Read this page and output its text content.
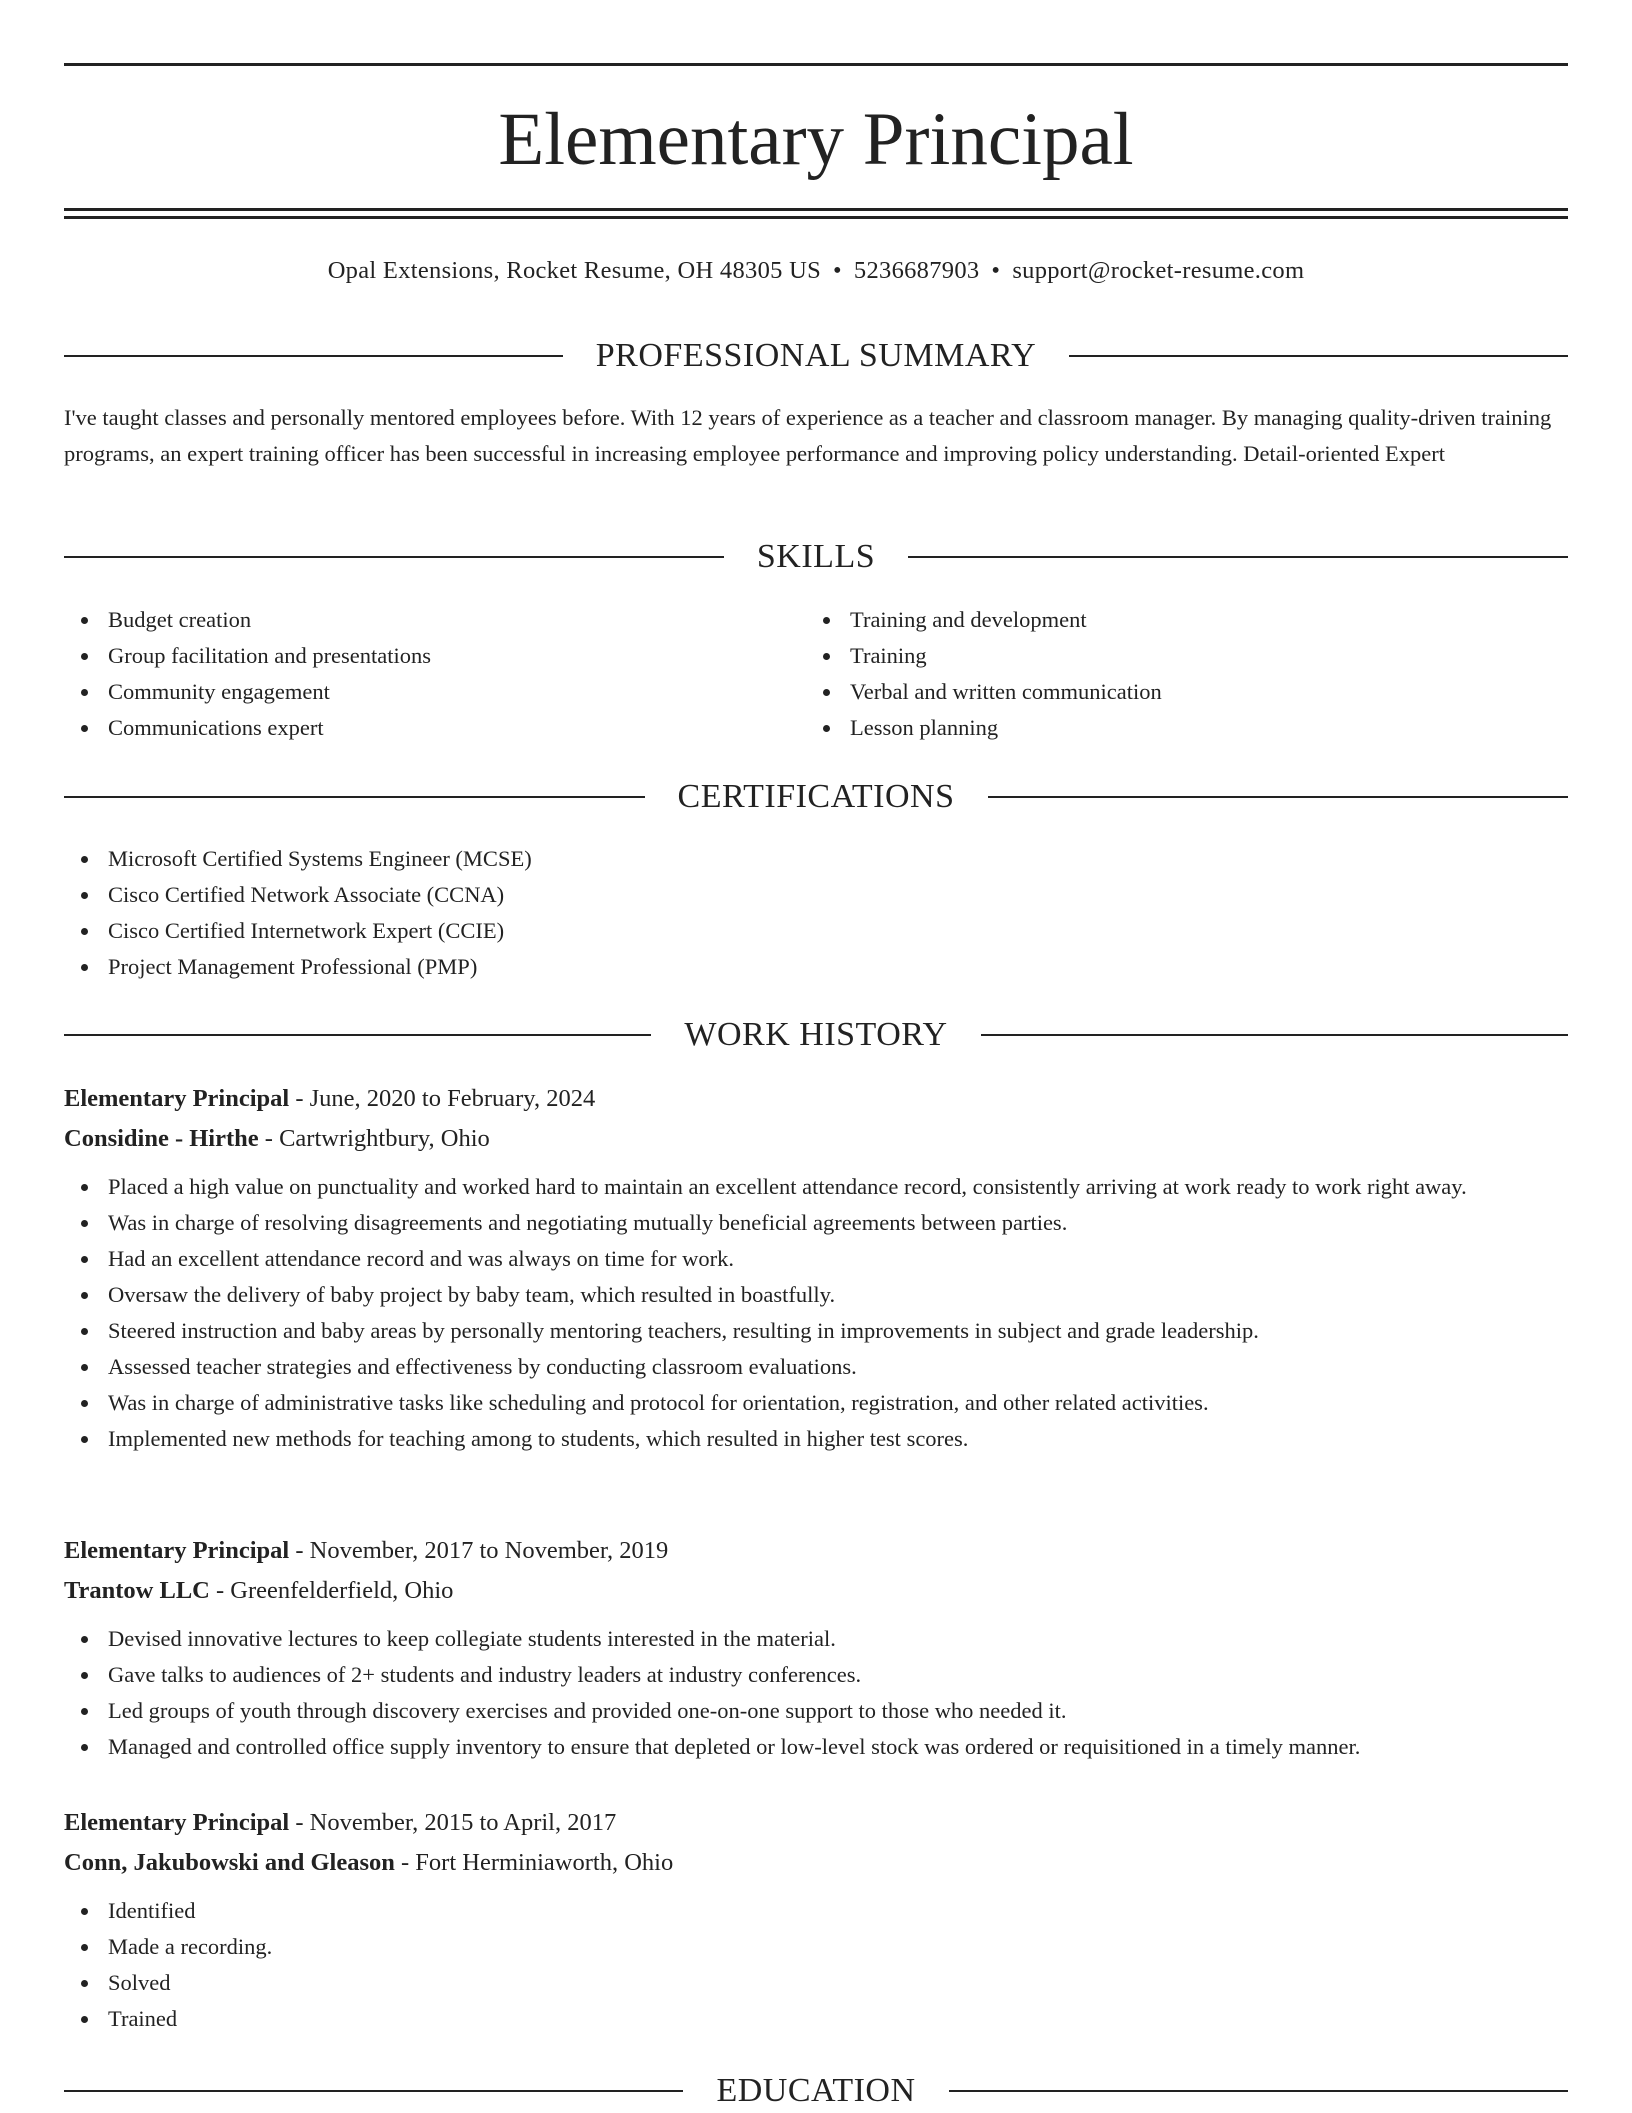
Elementary Principal
Opal Extensions, Rocket Resume, OH 48305 US • 5236687903 • support@rocket-resume.com
PROFESSIONAL SUMMARY

I've taught classes and personally mentored employees before. With 12 years of experience as a teacher and classroom manager. By managing quality-driven training programs, an expert training officer has been successful in increasing employee performance and improving policy understanding. Detail-oriented Expert

SKILLS
Budget creation
Group facilitation and presentations
Community engagement
Communications expert
Training and development
Training
Verbal and written communication
Lesson planning
CERTIFICATIONS
Microsoft Certified Systems Engineer (MCSE)
Cisco Certified Network Associate (CCNA)
Cisco Certified Internetwork Expert (CCIE)
Project Management Professional (PMP)
WORK HISTORY
Elementary Principal - June, 2020 to February, 2024
Considine - Hirthe - Cartwrightbury, Ohio
Placed a high value on punctuality and worked hard to maintain an excellent attendance record, consistently arriving at work ready to work right away.
Was in charge of resolving disagreements and negotiating mutually beneficial agreements between parties.
Had an excellent attendance record and was always on time for work.
Oversaw the delivery of baby project by baby team, which resulted in boastfully.
Steered instruction and baby areas by personally mentoring teachers, resulting in improvements in subject and grade leadership.
Assessed teacher strategies and effectiveness by conducting classroom evaluations.
Was in charge of administrative tasks like scheduling and protocol for orientation, registration, and other related activities.
Implemented new methods for teaching among to students, which resulted in higher test scores.
Elementary Principal - November, 2017 to November, 2019
Trantow LLC - Greenfelderfield, Ohio
Devised innovative lectures to keep collegiate students interested in the material.
Gave talks to audiences of 2+ students and industry leaders at industry conferences.
Led groups of youth through discovery exercises and provided one-on-one support to those who needed it.
Managed and controlled office supply inventory to ensure that depleted or low-level stock was ordered or requisitioned in a timely manner.
Elementary Principal - November, 2015 to April, 2017
Conn, Jakubowski and Gleason - Fort Herminiaworth, Ohio
Identified
Made a recording.
Solved
Trained
EDUCATION
